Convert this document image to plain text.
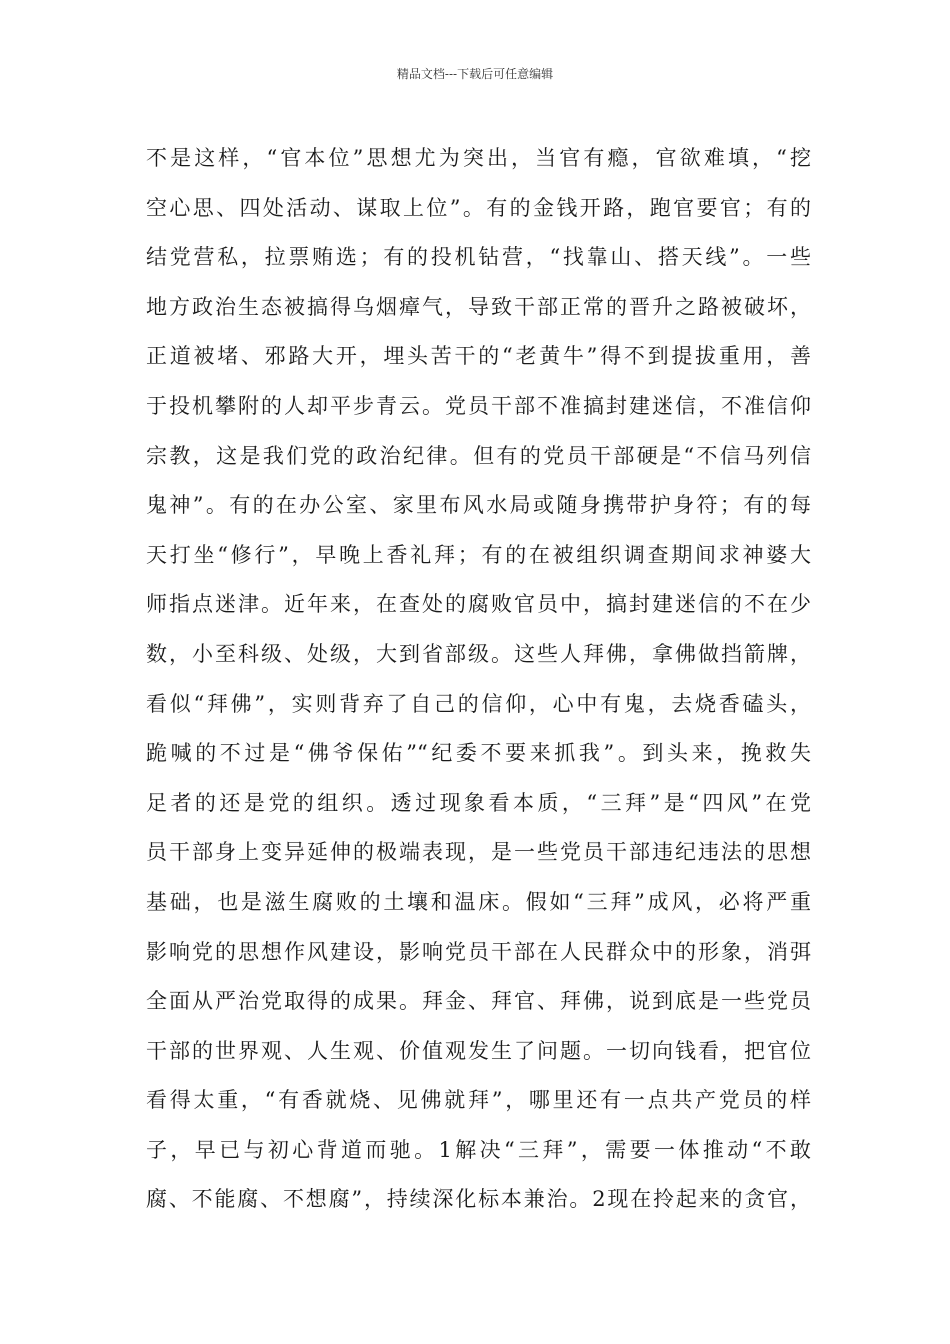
精品文档---下载后可任意编辑
不是这样，“官本位”思想尤为突出，当官有瘾，官欲难填，“挖
空心思、四处活动、谋取上位”。有的金钱开路，跑官要官；有的
结党营私，拉票贿选；有的投机钻营，“找靠山、搭天线”。一些
地方政治生态被搞得乌烟瘴气，导致干部正常的晋升之路被破坏，
正道被堵、邪路大开，埋头苦干的“老黄牛”得不到提拔重用，善
于投机攀附的人却平步青云。党员干部不准搞封建迷信，不准信仰
宗教，这是我们党的政治纪律。但有的党员干部硬是“不信马列信
鬼神”。有的在办公室、家里布风水局或随身携带护身符；有的每
天打坐“修行”，早晚上香礼拜；有的在被组织调查期间求神婆大
师指点迷津。近年来，在查处的腐败官员中，搞封建迷信的不在少
数，小至科级、处级，大到省部级。这些人拜佛，拿佛做挡箭牌，
看似“拜佛”，实则背弃了自己的信仰，心中有鬼，去烧香磕头，
跪喊的不过是“佛爷保佑”“纪委不要来抓我”。到头来，挽救失
足者的还是党的组织。透过现象看本质，“三拜”是“四风”在党
员干部身上变异延伸的极端表现，是一些党员干部违纪违法的思想
基础，也是滋生腐败的土壤和温床。假如“三拜”成风，必将严重
影响党的思想作风建设，影响党员干部在人民群众中的形象，消弭
全面从严治党取得的成果。拜金、拜官、拜佛，说到底是一些党员
干部的世界观、人生观、价值观发生了问题。一切向钱看，把官位
看得太重，“有香就烧、见佛就拜”，哪里还有一点共产党员的样
子，早已与初心背道而驰。1解决“三拜”，需要一体推动“不敢
腐、不能腐、不想腐”，持续深化标本兼治。2现在拎起来的贪官，
